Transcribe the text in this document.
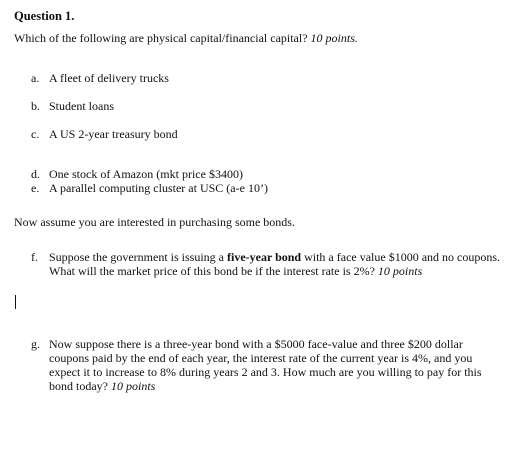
Question 1.
Which of the following are physical capital/financial capital? 10 points.
a. A fleet of delivery trucks
b. Student loans
c. A US 2-year treasury bond
d. One stock of Amazon (mkt price $3400)
e. A parallel computing cluster at USC (a-e 10’)
Now assume you are interested in purchasing some bonds.
f. Suppose the government is issuing a five-year bond with a face value $1000 and no coupons. What will the market price of this bond be if the interest rate is 2%? 10 points
g. Now suppose there is a three-year bond with a $5000 face-value and three $200 dollar coupons paid by the end of each year, the interest rate of the current year is 4%, and you expect it to increase to 8% during years 2 and 3. How much are you willing to pay for this bond today? 10 points
